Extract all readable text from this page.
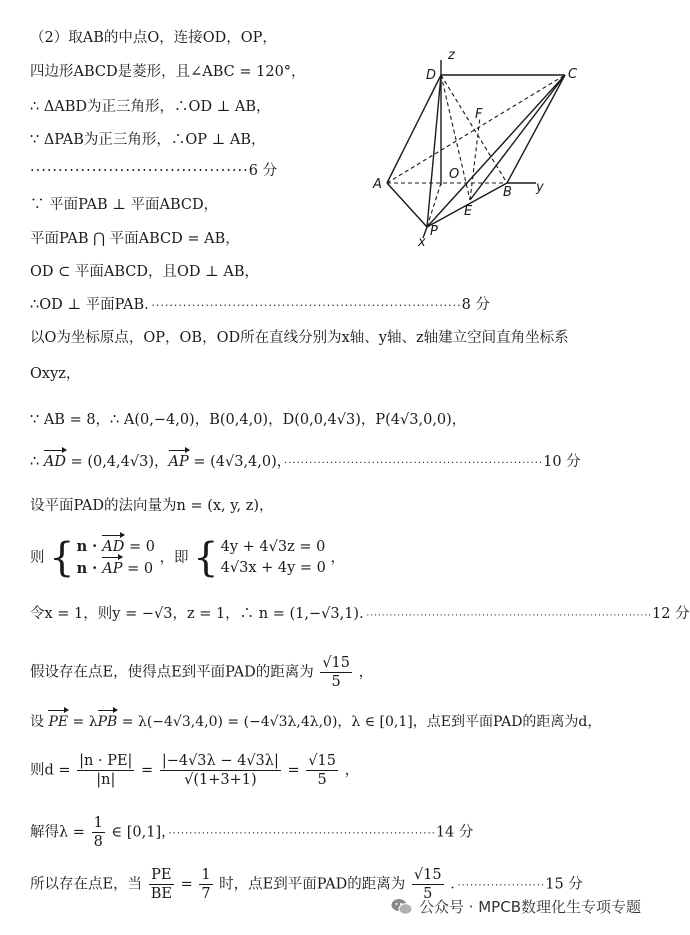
（2）取AB的中点O，连接OD，OP，
四边形ABCD是菱形，且∠ABC = 120°，
∴ ΔABD为正三角形，∴OD ⊥ AB，
∵ ΔPAB为正三角形，∴OP ⊥ AB，
·······································6 分
∵ 平面PAB ⊥ 平面ABCD，
平面PAB ⋂ 平面ABCD = AB，
OD ⊂ 平面ABCD，且OD ⊥ AB，
∴OD ⊥ 平面PAB．·····································································8 分
以O为坐标原点，OP，OB，OD所在直线分别为x轴、y轴、z轴建立空间直角坐标系
Oxyz，
∵ AB = 8，∴ A(0,−4,0)，B(0,4,0)，D(0,0,4√3)，P(4√3,0,0)，
∴ AD = (0,4,4√3)，AP = (4√3,4,0)，······························································10 分
设平面PAD的法向量为n = (x, y, z)，
则 { n · AD = 0
n · AP = 0
，即 { 4y + 4√3z = 0
4√3x + 4y = 0
，
令x = 1，则y = −√3，z = 1，∴ n = (1,−√3,1)．··········································································12 分
假设存在点E，使得点E到平面PAD的距离为 $\frac{√15}{5}$ ，
设 PE = λPB = λ(−4√3,4,0) = (−4√3λ,4λ,0)，λ ∈ [0,1]，点E到平面PAD的距离为d，
则$d = \frac{|n \cdot PE|}{|n|} = \frac{|-4√3\lambda - 4√3\lambda|}{√(1+3+1)} = \frac{√15}{5}$ ，
解得$\lambda = \frac{1}{8}$ ∈ [0,1]，································································14 分
所以存在点E，当 $\frac{PE}{BE} = \frac{1}{7}$ 时，点E到平面PAD的距离为 $\frac{√15}{5}$ ．·····················15 分
z
D	C
F
A
O
B y
E
P
x
公众号 · MPCB数理化生专项专题
